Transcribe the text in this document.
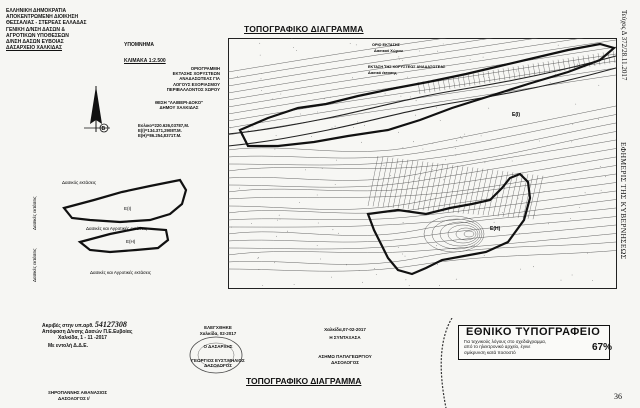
ΕΛΛΗΝΙΚΗ ΔΗΜΟΚΡΑΤΙΑ
ΑΠΟΚΕΝΤΡΩΜΕΝΗ ΔΙΟΙΚΗΣΗ
ΘΕΣΣΑΛΙΑΣ - ΣΤΕΡΕΑΣ ΕΛΛΑΔΑΣ
ΓΕΝΙΚΗ Δ/ΝΣΗ ΔΑΣΩΝ &
ΑΓΡΟΤΙΚΩΝ ΥΠΟΘΕΣΕΩΝ
Δ/ΝΣΗ ΔΑΣΩΝ ΕΥΒΟΙΑΣ
ΔΑΣΑΡΧΕΙΟ ΧΑΛΚΙΔΑΣ
ΤΟΠΟΓΡΑΦΙΚΟ ΔΙΑΓΡΑΜΜΑ
ΥΠΟΜΝΗΜΑ
ΚΛΙΜΑΚΑ 1:2.500
ΟΡΙΟΓΡΑΜΜΗ
ΕΚΤΑΣΗΣ ΧΟΡΥΣΤΕΩΝ
ΑΝΑΔΑΣΩΤΕΑΣ ΓΙΑ
ΛΟΓΟΥΣ ΕΞΟΡΙΑΣΜΟΥ
ΠΕΡΙΒΑΛΛΟΝΤΟΣ ΧΩΡΟΥ
ΘΕΣΗ "ΛΑΙΒΕΡΙ-ΔΟΚΟ"
ΔΗΜΟΥ ΧΑΛΚΙΔΑΣ
Εολικο=220.626,03787,Μ.
Ε(Ι)=134.371,2908Τ.Μ.
Ε(Η)=86.254,8371Τ.Μ.
Β
Δασικός εκτάσεις
Ε(Ι)
Δασικές και Αγροτικές εκτάσεις
Ε(Η)
Δασικές και Αγροτικές εκτάσεις
Δασικές εκτάσεις
Δασικές εκτάσεις
Ε(Ι)
Ε(Η)
ΟΡΙΟ ΕΚΤΑΣΗΣ
Δασικού Χώρου
ΕΚΤΑΣΗ ΤΗΣ ΧΟΡΥΣΤΕΩΣ ΑΝΑΔΑΣΩΤΕΑΣ
Δασικό έκτασης
ΤΟΠΟΓΡΑΦΙΚΟ ΔΙΑΓΡΑΜΜΑ
Ακριβές στην υπ.αρθ. 54127308
Απόφαση Δ/νσης Δασών Π.Ε.Ευβοίας
Χαλκίδα, 1 - 11 -2017
Με εντολή Δ.Δ.Ε.
ΞΗΡΟΠΑΝΝΗΣ ΑΘΑΝΑΣΙΟΣ
ΔΑΣΟΛΟΓΟΣ Ι/
ΕΛΕΓΧΘΗΚΕ
Χαλκίδα, 02-2017
Ο ΔΑΣΑΡΧΗΣ
ΓΕΩΡΓΙΟΣ ΕΥΣΤ.ΜΗΛΙΟΣ
ΔΑΣΟΛΟΓΟΣ
Χαλκίδα,07-02-2017
Η ΣΥΝΤΑΞΑΣΑ
ΑΣΗΜΩ ΠΑΠΑΓΕΩΡΓΙΟΥ
ΔΑΣΟΛΟΓΟΣ
ΕΘΝΙΚΟ ΤΥΠΟΓΡΑΦΕΙΟ
Για τεχνικούς λόγους στο σχεδιάγραμμα,
από το ηλεκτρονικό αρχείο, έγινε
σμίκρυνση κατά ποσοστό	67%
Τεύχος Δ 372/28.11.2017
ΕΦΗΜΕΡΙΣ ΤΗΣ ΚΥΒΕΡΝΗΣΕΩΣ
36
